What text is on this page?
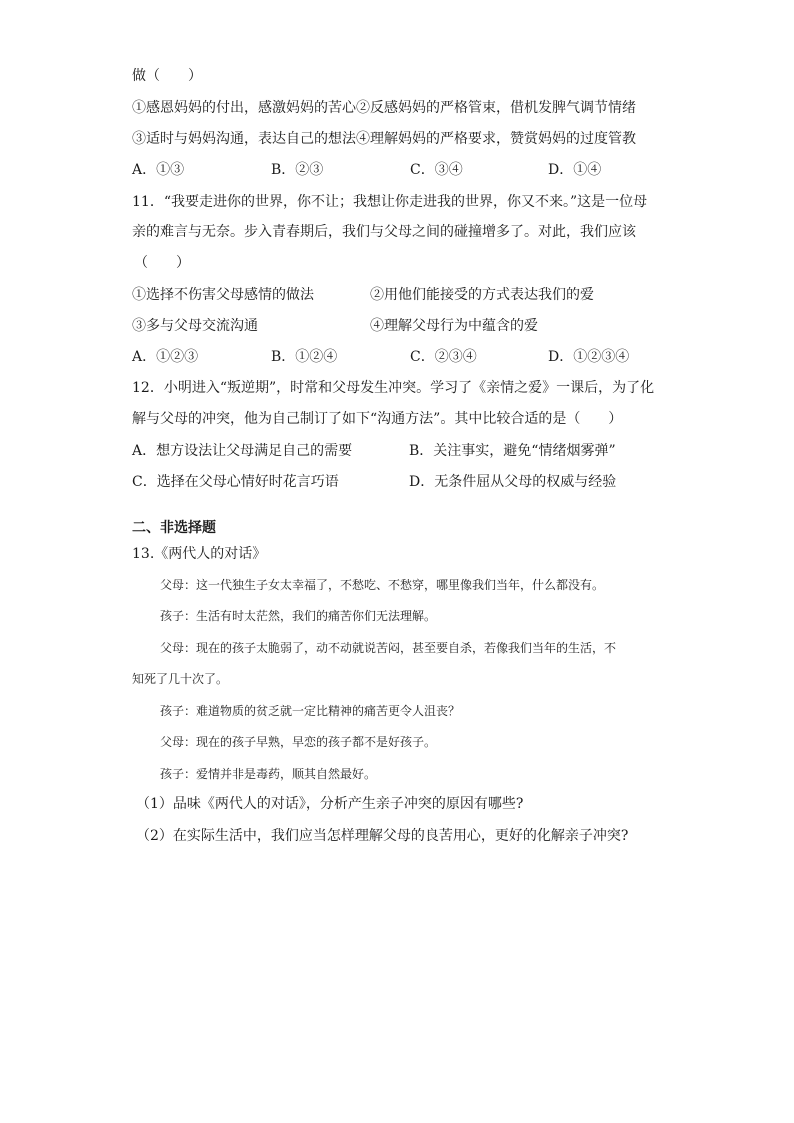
做（　　）
①感恩妈妈的付出，感激妈妈的苦心②反感妈妈的严格管束，借机发脾气调节情绪
③适时与妈妈沟通，表达自己的想法④理解妈妈的严格要求，赞赏妈妈的过度管教
A．①③	B．②③	C．③④	D．①④
11．“我要走进你的世界，你不让；我想让你走进我的世界，你又不来。”这是一位母
亲的难言与无奈。步入青春期后，我们与父母之间的碰撞增多了。对此，我们应该
（　　）
①选择不伤害父母感情的做法	②用他们能接受的方式表达我们的爱
③多与父母交流沟通	④理解父母行为中蕴含的爱
A．①②③	B．①②④	C．②③④	D．①②③④
12．小明进入“叛逆期”，时常和父母发生冲突。学习了《亲情之爱》一课后，为了化
解与父母的冲突，他为自己制订了如下“沟通方法”。其中比较合适的是（　　）
A．想方设法让父母满足自己的需要	B．关注事实，避免“情绪烟雾弹”
C．选择在父母心情好时花言巧语	D．无条件屈从父母的权威与经验
二、非选择题
13.《两代人的对话》
父母：这一代独生子女太幸福了，不愁吃、不愁穿，哪里像我们当年，什么都没有。
孩子：生活有时太茫然，我们的痛苦你们无法理解。
父母：现在的孩子太脆弱了，动不动就说苦闷，甚至要自杀，若像我们当年的生活，不
知死了几十次了。
孩子：难道物质的贫乏就一定比精神的痛苦更令人沮丧？
父母：现在的孩子早熟，早恋的孩子都不是好孩子。
孩子：爱情并非是毒药，顺其自然最好。
（1）品味《两代人的对话》，分析产生亲子冲突的原因有哪些?
（2）在实际生活中，我们应当怎样理解父母的良苦用心，更好的化解亲子冲突?
